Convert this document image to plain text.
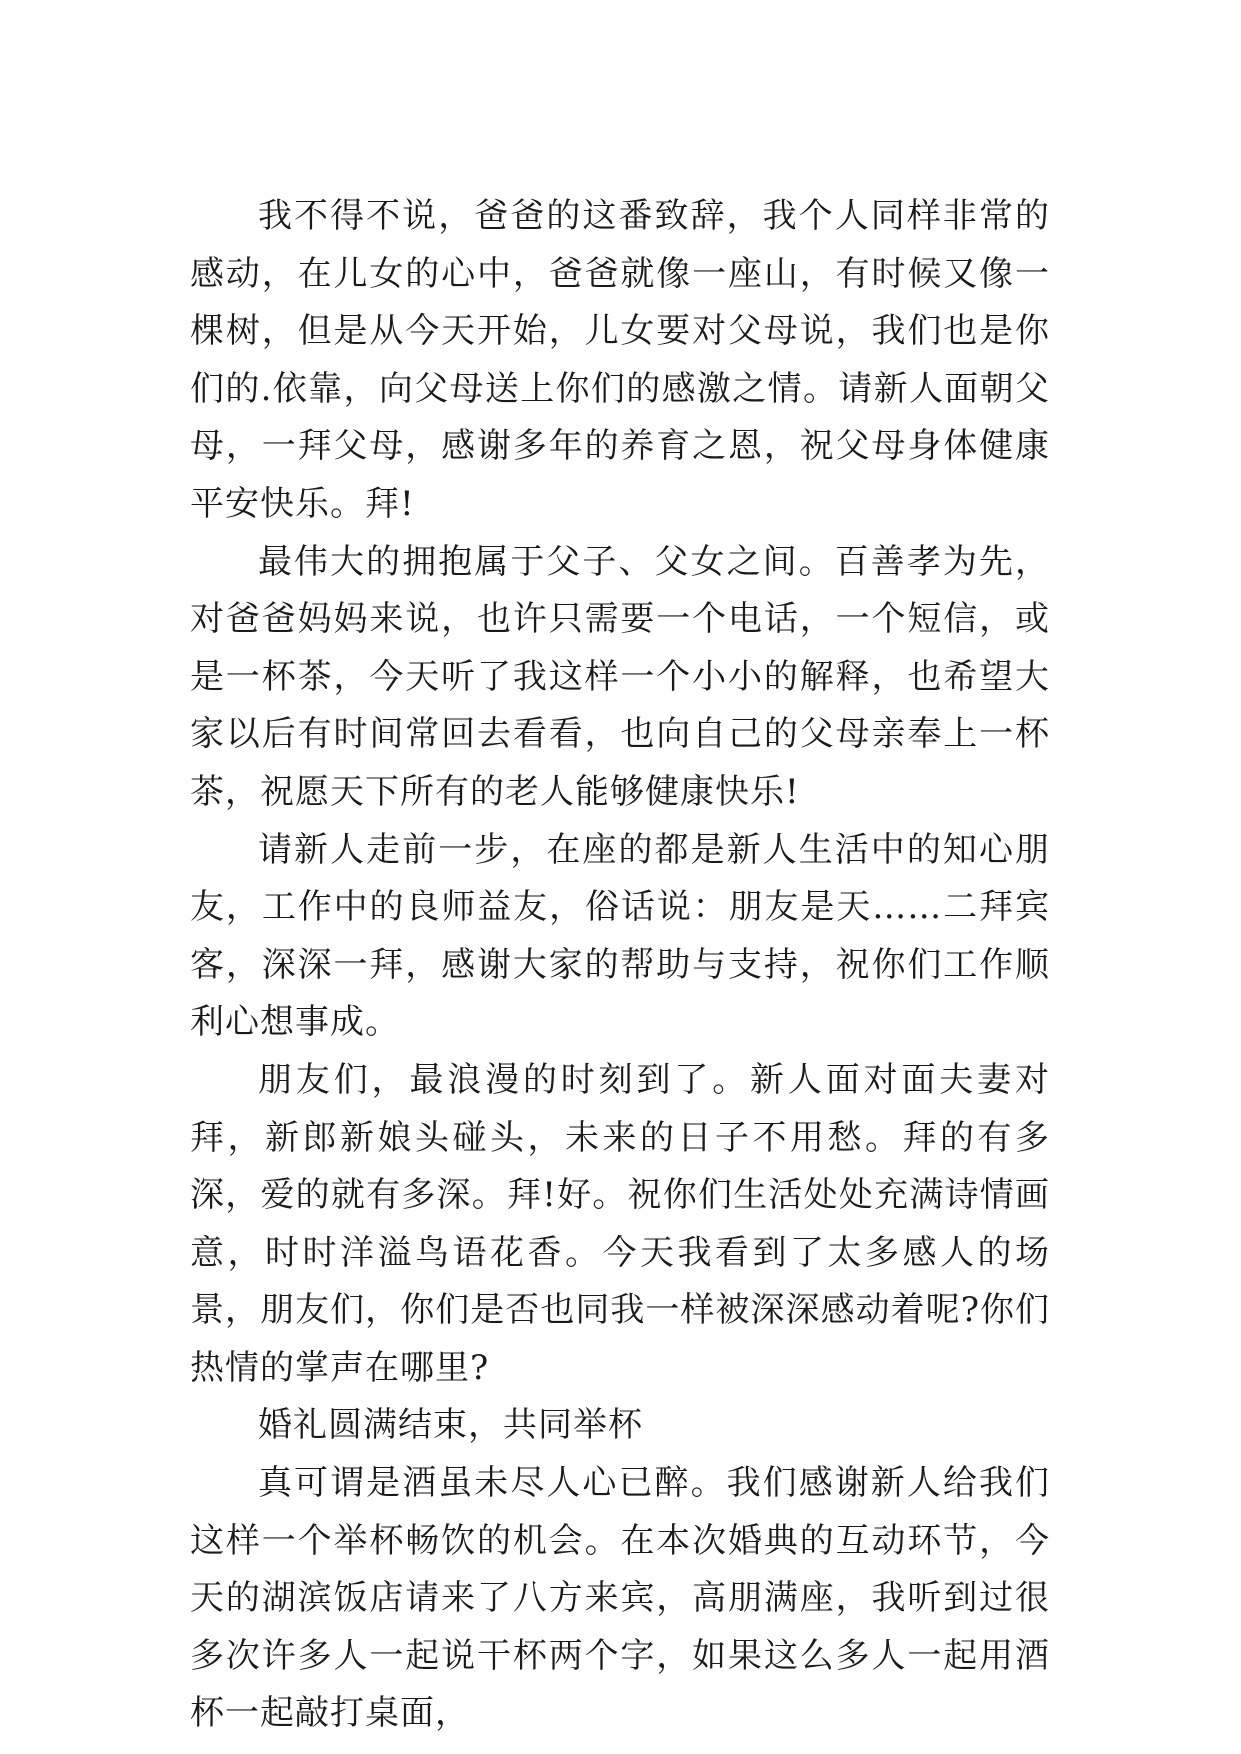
我不得不说，爸爸的这番致辞，我个人同样非常的感动，在儿女的心中，爸爸就像一座山，有时候又像一棵树，但是从今天开始，儿女要对父母说，我们也是你们的.依靠，向父母送上你们的感激之情。请新人面朝父母，一拜父母，感谢多年的养育之恩，祝父母身体健康平安快乐。拜!

最伟大的拥抱属于父子、父女之间。百善孝为先，对爸爸妈妈来说，也许只需要一个电话，一个短信，或是一杯茶，今天听了我这样一个小小的解释，也希望大家以后有时间常回去看看，也向自己的父母亲奉上一杯茶，祝愿天下所有的老人能够健康快乐!

请新人走前一步，在座的都是新人生活中的知心朋友，工作中的良师益友，俗话说：朋友是天……二拜宾客，深深一拜，感谢大家的帮助与支持，祝你们工作顺利心想事成。

朋友们，最浪漫的时刻到了。新人面对面夫妻对拜，新郎新娘头碰头，未来的日子不用愁。拜的有多深，爱的就有多深。拜!好。祝你们生活处处充满诗情画意，时时洋溢鸟语花香。今天我看到了太多感人的场景，朋友们，你们是否也同我一样被深深感动着呢?你们热情的掌声在哪里?

婚礼圆满结束，共同举杯

真可谓是酒虽未尽人心已醉。我们感谢新人给我们这样一个举杯畅饮的机会。在本次婚典的互动环节，今天的湖滨饭店请来了八方来宾，高朋满座，我听到过很多次许多人一起说干杯两个字，如果这么多人一起用酒杯一起敲打桌面，
